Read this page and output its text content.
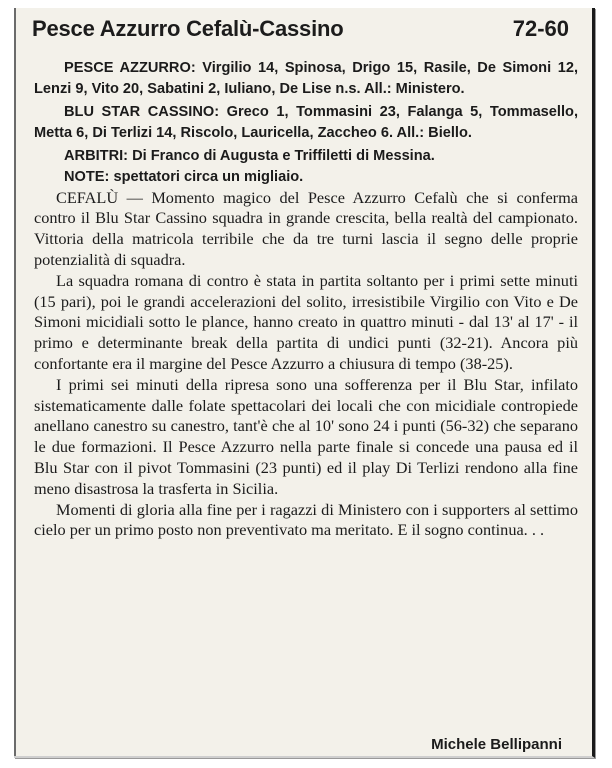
Pesce Azzurro Cefalù-Cassino	72-60

PESCE AZZURRO: Virgilio 14, Spinosa, Drigo 15, Rasile, De Simoni 12, Lenzi 9, Vito 20, Sabatini 2, Iuliano, De Lise n.s. All.: Ministero.

BLU STAR CASSINO: Greco 1, Tommasini 23, Falanga 5, Tommasello, Metta 6, Di Terlizi 14, Riscolo, Lauricella, Zaccheo 6. All.: Biello.

ARBITRI: Di Franco di Augusta e Triffiletti di Messina.

NOTE: spettatori circa un migliaio.

CEFALÙ — Momento magico del Pesce Azzurro Cefalù che si conferma contro il Blu Star Cassino squadra in grande crescita, bella realtà del campionato. Vittoria della matricola terribile che da tre turni lascia il segno delle proprie potenzialità di squadra.

La squadra romana di contro è stata in partita soltanto per i primi sette minuti (15 pari), poi le grandi accelerazioni del solito, irresistibile Virgilio con Vito e De Simoni micidiali sotto le plance, hanno creato in quattro minuti - dal 13' al 17' - il primo e determinante break della partita di undici punti (32-21). Ancora più confortante era il margine del Pesce Azzurro a chiusura di tempo (38-25).

I primi sei minuti della ripresa sono una sofferenza per il Blu Star, infilato sistematicamente dalle folate spettacolari dei locali che con micidiale contropiede anellano canestro su canestro, tant'è che al 10' sono 24 i punti (56-32) che separano le due formazioni. Il Pesce Azzurro nella parte finale si concede una pausa ed il Blu Star con il pivot Tommasini (23 punti) ed il play Di Terlizi rendono alla fine meno disastrosa la trasferta in Sicilia.

Momenti di gloria alla fine per i ragazzi di Ministero con i supporters al settimo cielo per un primo posto non preventivato ma meritato. E il sogno continua. . .

Michele Bellipanni
